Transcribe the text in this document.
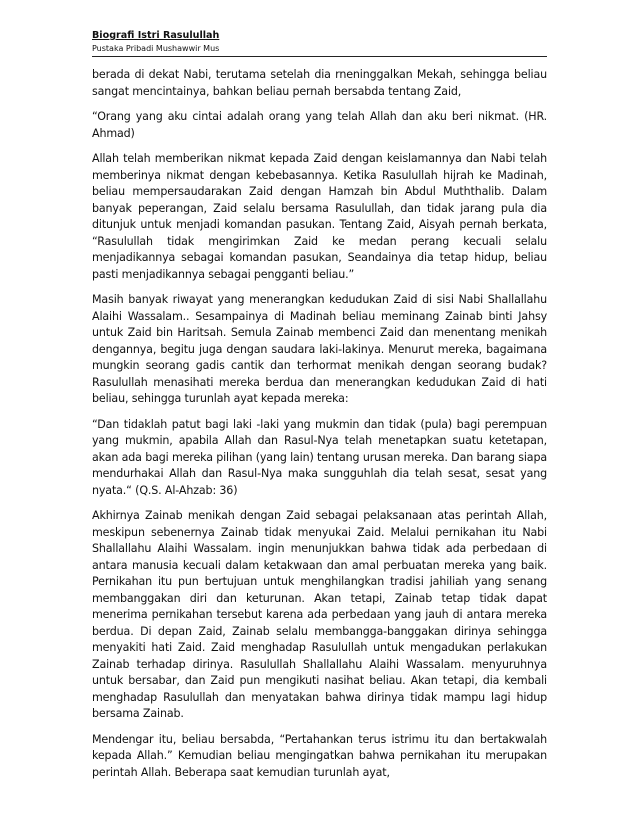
Biografi Istri Rasulullah

Pustaka Pribadi Mushawwir Mus

berada di dekat Nabi, terutama setelah dia rneninggalkan Mekah, sehingga beliau sangat mencintainya, bahkan beliau pernah bersabda tentang Zaid,

“Orang yang aku cintai adalah orang yang telah Allah dan aku beri nikmat. (HR. Ahmad)

Allah telah memberikan nikmat kepada Zaid dengan keislamannya dan Nabi telah memberinya nikmat dengan kebebasannya. Ketika Rasulullah hijrah ke Madinah, beliau mempersaudarakan Zaid dengan Hamzah bin Abdul Muththalib. Dalam banyak peperangan, Zaid selalu bersama Rasulullah, dan tidak jarang pula dia ditunjuk untuk menjadi komandan pasukan. Tentang Zaid, Aisyah pernah berkata, “Rasulullah tidak mengirimkan Zaid ke medan perang kecuali selalu menjadikannya sebagai komandan pasukan, Seandainya dia tetap hidup, beliau pasti menjadikannya sebagai pengganti beliau.”

Masih banyak riwayat yang menerangkan kedudukan Zaid di sisi Nabi Shallallahu Alaihi Wassalam.. Sesampainya di Madinah beliau meminang Zainab binti Jahsy untuk Zaid bin Haritsah. Semula Zainab membenci Zaid dan menentang menikah dengannya, begitu juga dengan saudara laki-lakinya. Menurut mereka, bagaimana mungkin seorang gadis cantik dan terhormat menikah dengan seorang budak? Rasulullah menasihati mereka berdua dan menerangkan kedudukan Zaid di hati beliau, sehingga turunlah ayat kepada mereka:

“Dan tidaklah patut bagi laki -laki yang mukmin dan tidak (pula) bagi perempuan yang mukmin, apabila Allah dan Rasul-Nya telah menetapkan suatu ketetapan, akan ada bagi mereka pilihan (yang lain) tentang urusan mereka. Dan barang siapa mendurhakai Allah dan Rasul-Nya maka sungguhlah dia telah sesat, sesat yang nyata.“ (Q.S. Al-Ahzab: 36)

Akhirnya Zainab menikah dengan Zaid sebagai pelaksanaan atas perintah Allah, meskipun sebenernya Zainab tidak menyukai Zaid. Melalui pernikahan itu Nabi Shallallahu Alaihi Wassalam. ingin menunjukkan bahwa tidak ada perbedaan di antara manusia kecuali dalam ketakwaan dan amal perbuatan mereka yang baik. Pernikahan itu pun bertujuan untuk menghilangkan tradisi jahiliah yang senang membanggakan diri dan keturunan. Akan tetapi, Zainab tetap tidak dapat menerima pernikahan tersebut karena ada perbedaan yang jauh di antara mereka berdua. Di depan Zaid, Zainab selalu membangga-banggakan dirinya sehingga menyakiti hati Zaid. Zaid menghadap Rasulullah untuk mengadukan perlakukan Zainab terhadap dirinya. Rasulullah Shallallahu Alaihi Wassalam. menyuruhnya untuk bersabar, dan Zaid pun mengikuti nasihat beliau. Akan tetapi, dia kembali menghadap Rasulullah dan menyatakan bahwa dirinya tidak mampu lagi hidup bersama Zainab.

Mendengar itu, beliau bersabda, “Pertahankan terus istrimu itu dan bertakwalah kepada Allah.” Kemudian beliau mengingatkan bahwa pernikahan itu merupakan perintah Allah. Beberapa saat kemudian turunlah ayat,
